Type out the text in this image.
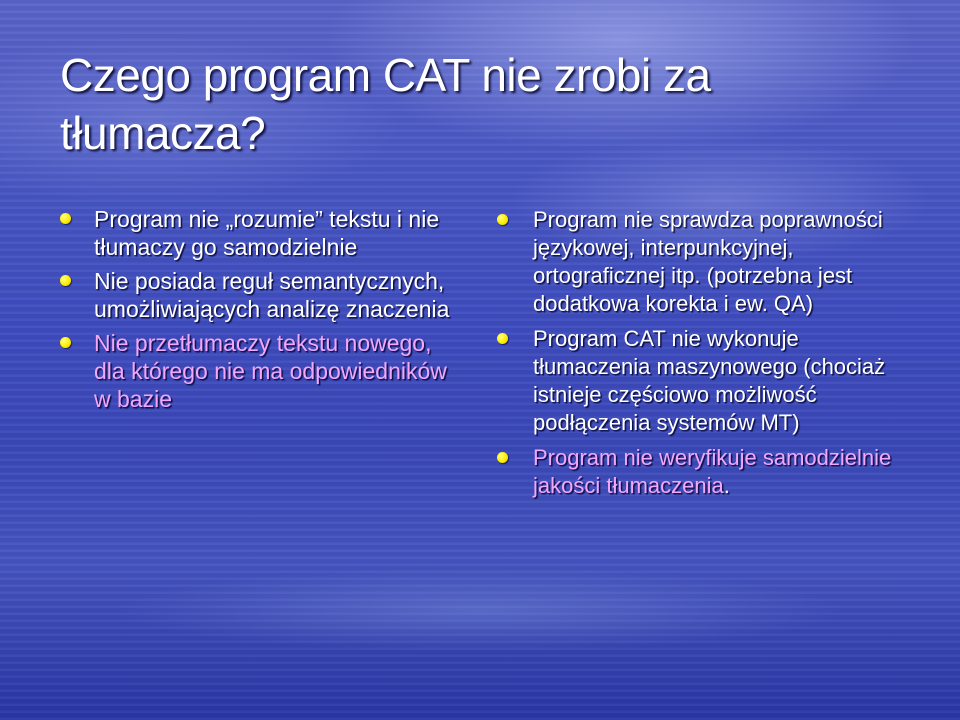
Czego program CAT nie zrobi za tłumacza?
Program nie „rozumie” tekstu i nie tłumaczy go samodzielnie
Nie posiada reguł semantycznych, umożliwiających analizę znaczenia
Nie przetłumaczy tekstu nowego, dla którego nie ma odpowiedników w bazie
Program nie sprawdza poprawności językowej, interpunkcyjnej, ortograficznej itp. (potrzebna jest dodatkowa korekta i ew. QA)
Program CAT nie wykonuje tłumaczenia maszynowego (chociaż istnieje częściowo możliwość podłączenia systemów MT)
Program nie weryfikuje samodzielnie jakości tłumaczenia.
